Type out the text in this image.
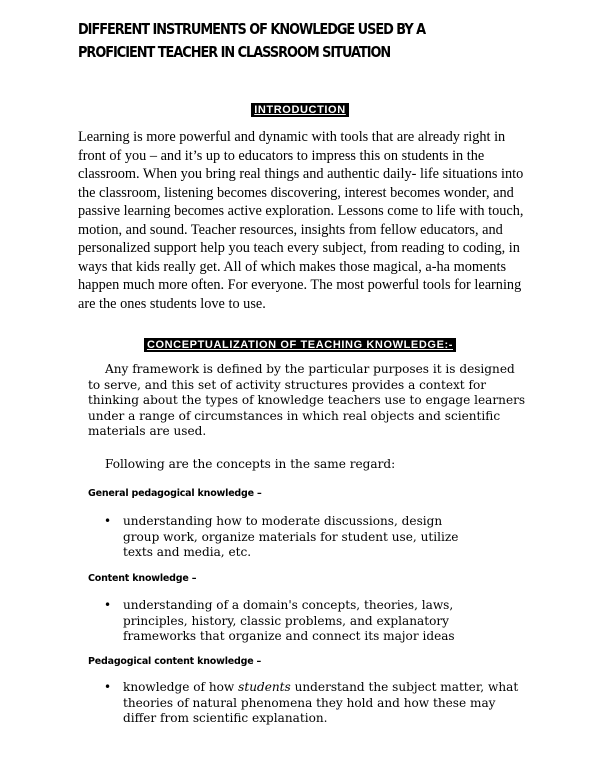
DIFFERENT INSTRUMENTS OF KNOWLEDGE USED BY A PROFICIENT TEACHER IN CLASSROOM SITUATION
INTRODUCTION

Learning is more powerful and dynamic with tools that are already right in front of you – and it’s up to educators to impress this on students in the classroom. When you bring real things and authentic daily- life situations into the classroom, listening becomes discovering, interest becomes wonder, and passive learning becomes active exploration. Lessons come to life with touch, motion, and sound. Teacher resources, insights from fellow educators, and personalized support help you teach every subject, from reading to coding, in ways that kids really get. All of which makes those magical, a-ha moments happen much more often. For everyone. The most powerful tools for learning are the ones students love to use.

CONCEPTUALIZATION OF TEACHING KNOWLEDGE:-

Any framework is defined by the particular purposes it is designed to serve, and this set of activity structures provides a context for thinking about the types of knowledge teachers use to engage learners under a range of circumstances in which real objects and scientific materials are used.

Following are the concepts in the same regard:

General pedagogical knowledge –
• understanding how to moderate discussions, design group work, organize materials for student use, utilize texts and media, etc.
Content knowledge –
• understanding of a domain's concepts, theories, laws, principles, history, classic problems, and explanatory frameworks that organize and connect its major ideas
Pedagogical content knowledge –
• knowledge of how students understand the subject matter, what theories of natural phenomena they hold and how these may differ from scientific explanation.
